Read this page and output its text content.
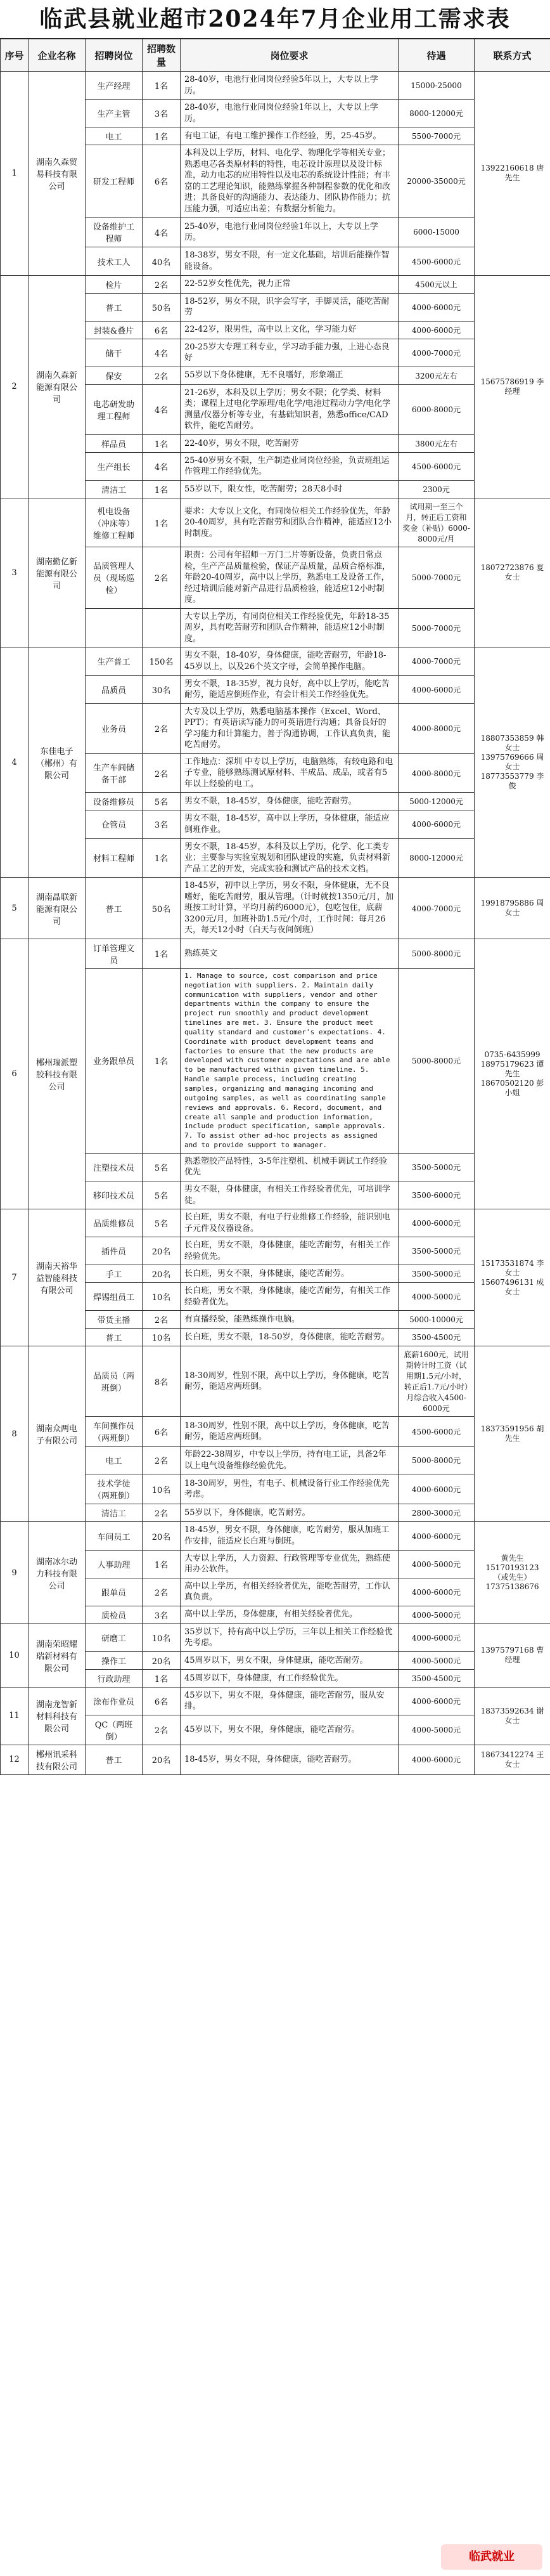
临武县就业超市2024年7月企业用工需求表
序号	企业名称	招聘岗位	招聘数量	岗位要求	待遇	联系方式
1	湖南久森贸易科技有限公司	生产经理	1名	28-40岁，电池行业同岗位经验5年以上，大专以上学历。	15000-25000	13922160618 唐先生
		生产主管	3名	28-40岁，电池行业同岗位经验1年以上，大专以上学历。	8000-12000元	
		电工	1名	有电工证，有电工维护操作工作经验，男，25-45岁。	5500-7000元	
		研发工程师	6名	本科及以上学历，材料、电化学、物理化学等相关专业；熟悉电芯各类原材料的特性，电芯设计原理以及设计标准，动力电芯的应用特性以及电芯的系统设计性能；有丰富的工艺理论知识，能熟练掌握各种制程参数的优化和改进；具备良好的沟通能力、表达能力、团队协作能力；抗压能力强，可适应出差；有数据分析能力。	20000-35000元	
		设备维护工程师	4名	25-40岁，电池行业同岗位经验1年以上，大专以上学历。	6000-15000	
		技术工人	40名	18-38岁，男女不限，有一定文化基础，培训后能操作智能设备。	4500-6000元	
2	湖南久森新能源有限公司	检片	2名	22-52岁女性优先，视力正常	4500元以上	15675786919 李经理
		普工	50名	18-52岁，男女不限，识字会写字，手脚灵活，能吃苦耐劳	4000-6000元	
		封装&叠片	6名	22-42岁，限男性，高中以上文化，学习能力好	4000-6000元	
		储干	4名	20-25岁大专理工科专业，学习动手能力强，上进心态良好	4000-7000元	
		保安	2名	55岁以下身体健康，无不良嗜好，形象端正	3200元左右	
		电芯研发助理工程师	4名	21-26岁，本科及以上学历；男女不限；化学类、材料类；课程上过电化学原理/电化学/电池过程动力学/电化学测量/仪器分析等专业，有基础知识者，熟悉office/CAD软件，能吃苦耐劳。	6000-8000元	
		样品员	1名	22-40岁，男女不限，吃苦耐劳	3800元左右	
		生产组长	4名	25-40岁男女不限，生产制造业同岗位经验，负责班组运作管理工作经验优先。	4500-6000元	
		清洁工	1名	55岁以下，限女性，吃苦耐劳；28天8小时	2300元	
3	湖南勤亿新能源有限公司	机电设备（冲床等）维修工程师	1名	要求：大专以上文化，有同岗位相关工作经验优先，年龄20-40周岁，具有吃苦耐劳和团队合作精神，能适应12小时制度。	试用期一至三个月，转正后工资和奖金（补贴）6000-8000元/月	18072723876 夏女士
		品质管理人员（现场巡检）	2名	职责：公司有年招师一万门二片等新设备，负责日常点检，生产产品质量检验，保证产品质量，品质合格标准，年龄20-40周岁，高中以上学历，熟悉电工及设备工作，经过培训后能对新产品进行品质检验，能适应12小时制度。	5000-7000元	
				大专以上学历，有同岗位相关工作经验优先，年龄18-35周岁，具有吃苦耐劳和团队合作精神，能适应12小时制度。	5000-7000元	
4	东佳电子（郴州）有限公司	生产普工	150名	男女不限，18-40岁，身体健康，能吃苦耐劳，年龄18-45岁以上，以及26个英文字母，会简单操作电脑。	4000-7000元	18807353859 韩女士 13975769666 周女士 18773553779 李俊
		品质员	30名	男女不限，18-35岁，视力良好，高中以上学历，能吃苦耐劳，能适应倒班作业，有会计相关工作经验优先。	4000-6000元	
		业务员	2名	大专及以上学历，熟悉电脑基本操作（Excel、Word、PPT）；有英语读写能力的可英语进行沟通；具备良好的学习能力和计算能力，善于沟通协调，工作认真负责，能吃苦耐劳。	4000-8000元	
		生产车间储备干部	2名	工作地点：深圳 中专以上学历，电脑熟练，有较电路和电子专业，能够熟练测试原材料、半成品、成品，或者有5年以上经验的电工。	4000-8000元	
		设备维修员	5名	男女不限，18-45岁，身体健康，能吃苦耐劳。	5000-12000元	
		仓管员	3名	男女不限，18-45岁，高中以上学历，身体健康，能适应倒班作业。	4000-6000元	
		材料工程师	1名	男女不限，18-45岁，本科及以上学历，化学、化工类专业；主要参与实验室规划和团队建设的实施，负责材料新产品工艺的开发，完成实验和测试产品的技术文档。	8000-12000元	
5	湖南晶联新能源有限公司	普工	50名	18-45岁，初中以上学历，男女不限，身体健康，无不良嗜好，能吃苦耐劳，服从管理。（计时就按1350元/月，加班按工时计算，平均月薪约6000元），包吃包住，底薪3200元/月，加班补助1.5元/个/时，工作时间：每月26天，每天12小时（白天与夜间倒班）	4000-7000元	19918795886 周女士
6	郴州瑞派塑胶科技有限公司	订单管理文员	1名	熟练英文	5000-8000元	0735-6435999 18975179623 谭先生 18670502120 彭小姐
		业务跟单员	1名	1. Manage to source, cost comparison and price negotiation with suppliers. 2. Maintain daily communication with suppliers, vendor and other departments within the company to ensure the project run smoothly and product development timelines are met. 3. Ensure the product meet quality standard and customer's expectations. 4. Coordinate with product development teams and factories to ensure that the new products are developed with customer expectations and are able to be manufactured within given timeline. 5. Handle sample process, including creating samples, organizing and managing incoming and outgoing samples, as well as coordinating sample reviews and approvals. 6. Record, document, and create all sample and production information, include product specification, sample approvals. 7. To assist other ad-hoc projects as assigned and to provide support to manager.	5000-8000元	
		注塑技术员	5名	熟悉塑胶产品特性，3-5年注塑机、机械手调试工作经验优先	3500-5000元	
		移印技术员	5名	男女不限，身体健康，有相关工作经验者优先，可培训学徒。	3500-6000元	
7	湖南天裕华益智能科技有限公司	品质维修员	5名	长白班，男女不限，有电子行业维修工作经验，能识别电子元件及仪器设备。	4000-6000元	15173531874 李女士 15607496131 成女士
		插件员	20名	长白班，男女不限，身体健康，能吃苦耐劳，有相关工作经验优先。	3500-5000元	
		手工	20名	长白班，男女不限，身体健康，能吃苦耐劳。	3500-5000元	
		焊锡组员工	10名	长白班，男女不限，身体健康，能吃苦耐劳，有相关工作经验者优先。	4000-5000元	
		带货主播	2名	有直播经验，能熟练操作电脑。	5000-10000元	
		普工	10名	长白班，男女不限，18-50岁，身体健康，能吃苦耐劳。	3500-4500元	
8	湖南众两电子有限公司	品质员（两班倒）	8名	18-30周岁，性别不限，高中以上学历，身体健康，吃苦耐劳，能适应两班倒。	底薪1600元，试用期转计时工资（试用期1.5元/小时，转正后1.7元/小时）月综合收入4500-6000元	18373591956 胡先生
		车间操作员（两班倒）	6名	18-30周岁，性别不限，高中以上学历，身体健康，吃苦耐劳，能适应两班倒。	4500-6000元	
		电工	2名	年龄22-38周岁，中专以上学历，持有电工证，具备2年以上电气设备维修经验优先。	5000-8000元	
		技术学徒（两班倒）	10名	18-30周岁，男性，有电子、机械设备行业工作经验优先考虑。	4000-6000元	
		清洁工	2名	55岁以下，身体健康，吃苦耐劳。	2800-3000元	
9	湖南冰尔动力科技有限公司	车间员工	20名	18-45岁，男女不限，身体健康，吃苦耐劳，服从加班工作安排，能适应长白班与倒班。	4000-6000元	黄先生 15170193123 （或先生） 17375138676
		人事助理	1名	大专以上学历，人力资源、行政管理等专业优先，熟练使用办公软件。	4000-5000元	
		跟单员	2名	高中以上学历，有相关经验者优先，能吃苦耐劳，工作认真负责。	4000-6000元	
		质检员	3名	高中以上学历，身体健康，有相关经验者优先。	4000-5000元	
10	湖南荣昭耀瑞新材料有限公司	研磨工	10名	35岁以下，持有高中以上学历，三年以上相关工作经验优先考虑。	4000-6000元	13975797168 曹经理
		操作工	20名	45周岁以下，男女不限，身体健康，能吃苦耐劳。	4000-5000元	
		行政助理	1名	45周岁以下，身体健康，有工作经验优先。	3500-4500元	
11	湖南龙智新材料科技有限公司	涂布作业员	6名	45岁以下，男女不限，身体健康，能吃苦耐劳，服从安排。	4000-6000元	18373592634 谢女士
		QC（两班倒）	2名	45岁以下，男女不限，身体健康，能吃苦耐劳。	4000-5000元	
12	郴州讯采科技有限公司	普工	20名	18-45岁，男女不限，身体健康，能吃苦耐劳。	4000-6000元	18673412274 王女士
临武就业
